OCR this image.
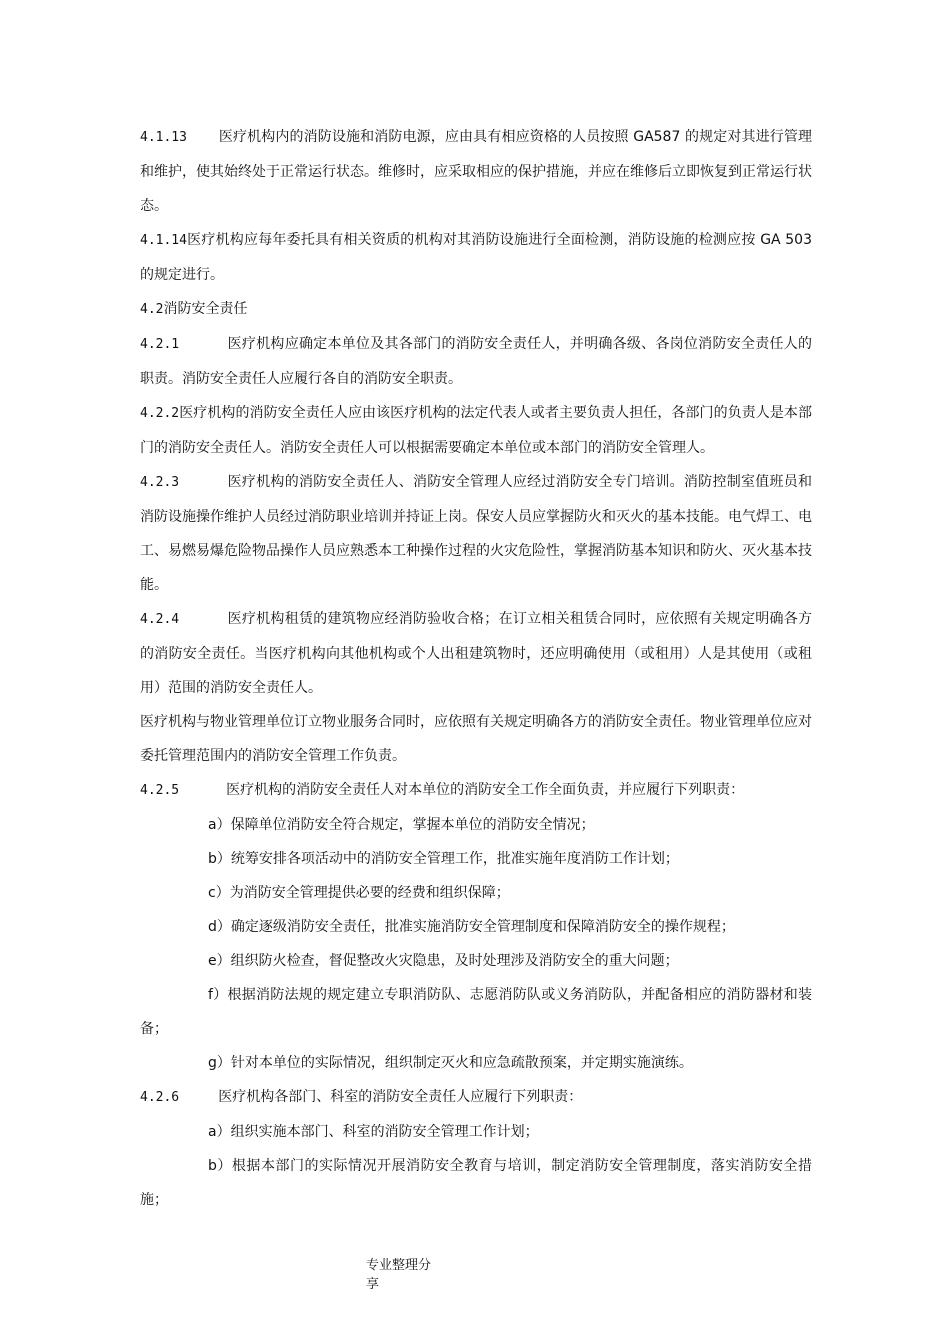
4.1.13 医疗机构内的消防设施和消防电源，应由具有相应资格的人员按照 GA587 的规定对其进行管理和维护，使其始终处于正常运行状态。维修时，应采取相应的保护措施，并应在维修后立即恢复到正常运行状态。

4.1.14医疗机构应每年委托具有相关资质的机构对其消防设施进行全面检测，消防设施的检测应按 GA 503 的规定进行。

4.2消防安全责任

4.2.1	医疗机构应确定本单位及其各部门的消防安全责任人，并明确各级、各岗位消防安全责任人的职责。消防安全责任人应履行各自的消防安全职责。

4.2.2医疗机构的消防安全责任人应由该医疗机构的法定代表人或者主要负责人担任，各部门的负责人是本部门的消防安全责任人。消防安全责任人可以根据需要确定本单位或本部门的消防安全管理人。

4.2.3	医疗机构的消防安全责任人、消防安全管理人应经过消防安全专门培训。消防控制室值班员和消防设施操作维护人员经过消防职业培训并持证上岗。保安人员应掌握防火和灭火的基本技能。电气焊工、电工、易燃易爆危险物品操作人员应熟悉本工种操作过程的火灾危险性，掌握消防基本知识和防火、灭火基本技能。

4.2.4	医疗机构租赁的建筑物应经消防验收合格；在订立相关租赁合同时，应依照有关规定明确各方的消防安全责任。当医疗机构向其他机构或个人出租建筑物时，还应明确使用（或租用）人是其使用（或租用）范围的消防安全责任人。

医疗机构与物业管理单位订立物业服务合同时，应依照有关规定明确各方的消防安全责任。物业管理单位应对委托管理范围内的消防安全管理工作负责。

4.2.5	医疗机构的消防安全责任人对本单位的消防安全工作全面负责，并应履行下列职责：

a）保障单位消防安全符合规定，掌握本单位的消防安全情况；

b）统筹安排各项活动中的消防安全管理工作，批准实施年度消防工作计划；

c）为消防安全管理提供必要的经费和组织保障；

d）确定逐级消防安全责任，批准实施消防安全管理制度和保障消防安全的操作规程；

e）组织防火检查，督促整改火灾隐患，及时处理涉及消防安全的重大问题；

f）根据消防法规的规定建立专职消防队、志愿消防队或义务消防队，并配备相应的消防器材和装备；

g）针对本单位的实际情况，组织制定灭火和应急疏散预案，并定期实施演练。

4.2.6	医疗机构各部门、科室的消防安全责任人应履行下列职责：

a）组织实施本部门、科室的消防安全管理工作计划；

b）根据本部门的实际情况开展消防安全教育与培训，制定消防安全管理制度，落实消防安全措施；

专业整理分享
